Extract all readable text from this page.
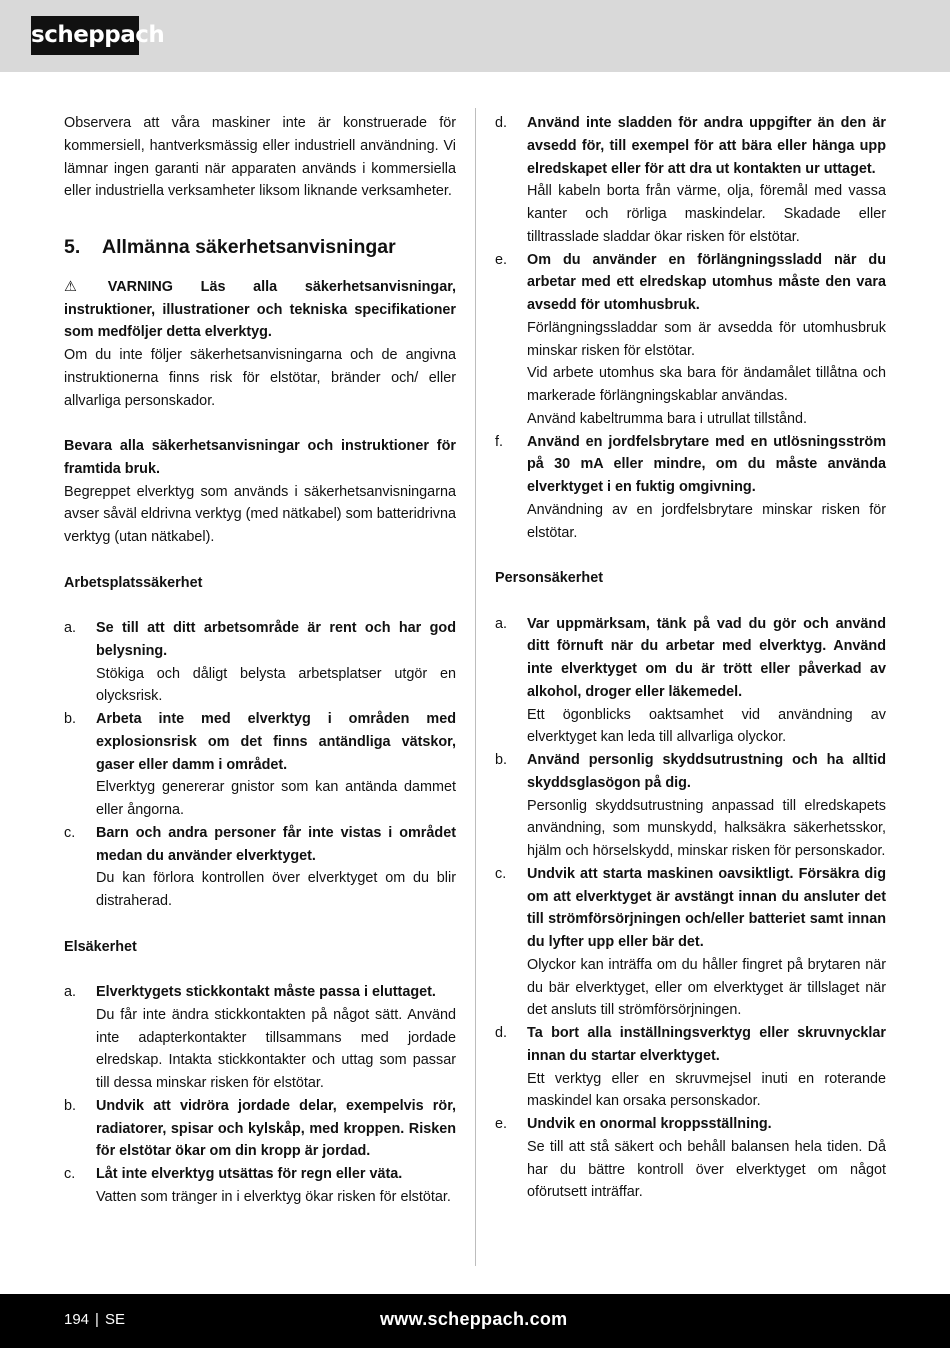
scheppach

Observera att våra maskiner inte är konstruerade för kommersiell, hantverksmässig eller industriell användning. Vi lämnar ingen garanti när apparaten används i kommersiella eller industriella verksamheter liksom liknande verksamheter.

5. Allmänna säkerhetsanvisningar

⚠ VARNING Läs alla säkerhetsanvisningar, instruktioner, illustrationer och tekniska specifikationer som medföljer detta elverktyg.

Om du inte följer säkerhetsanvisningarna och de angivna instruktionerna finns risk för elstötar, bränder och/ eller allvarliga personskador.

Bevara alla säkerhetsanvisningar och instruktioner för framtida bruk.

Begreppet elverktyg som används i säkerhetsanvisningarna avser såväl eldrivna verktyg (med nätkabel) som batteridrivna verktyg (utan nätkabel).

Arbetsplatssäkerhet

a. Se till att ditt arbetsområde är rent och har god belysning.
Stökiga och dåligt belysta arbetsplatser utgör en olycksrisk.
b. Arbeta inte med elverktyg i områden med explosionsrisk om det finns antändliga vätskor, gaser eller damm i området.
Elverktyg genererar gnistor som kan antända dammet eller ångorna.
c. Barn och andra personer får inte vistas i området medan du använder elverktyget.
Du kan förlora kontrollen över elverktyget om du blir distraherad.

Elsäkerhet

a. Elverktygets stickkontakt måste passa i eluttaget.
Du får inte ändra stickkontakten på något sätt. Använd inte adapterkontakter tillsammans med jordade elredskap. Intakta stickkontakter och uttag som passar till dessa minskar risken för elstötar.
b. Undvik att vidröra jordade delar, exempelvis rör, radiatorer, spisar och kylskåp, med kroppen. Risken för elstötar ökar om din kropp är jordad.
c. Låt inte elverktyg utsättas för regn eller väta.
Vatten som tränger in i elverktyg ökar risken för elstötar.
d. Använd inte sladden för andra uppgifter än den är avsedd för, till exempel för att bära eller hänga upp elredskapet eller för att dra ut kontakten ur uttaget.
Håll kabeln borta från värme, olja, föremål med vassa kanter och rörliga maskindelar. Skadade eller tilltrasslade sladdar ökar risken för elstötar.
e. Om du använder en förlängningssladd när du arbetar med ett elredskap utomhus måste den vara avsedd för utomhusbruk.
Förlängningssladdar som är avsedda för utomhusbruk minskar risken för elstötar.
Vid arbete utomhus ska bara för ändamålet tillåtna och markerade förlängningskablar användas.
Använd kabeltrumma bara i utrullat tillstånd.
f. Använd en jordfelsbrytare med en utlösningsström på 30 mA eller mindre, om du måste använda elverktyget i en fuktig omgivning.
Användning av en jordfelsbrytare minskar risken för elstötar.

Personsäkerhet

a. Var uppmärksam, tänk på vad du gör och använd ditt förnuft när du arbetar med elverktyg. Använd inte elverktyget om du är trött eller påverkad av alkohol, droger eller läkemedel.
Ett ögonblicks oaktsamhet vid användning av elverktyget kan leda till allvarliga olyckor.
b. Använd personlig skyddsutrustning och ha alltid skyddsglasögon på dig.
Personlig skyddsutrustning anpassad till elredskapets användning, som munskydd, halksäkra säkerhetsskor, hjälm och hörselskydd, minskar risken för personskador.
c. Undvik att starta maskinen oavsiktligt. Försäkra dig om att elverktyget är avstängt innan du ansluter det till strömförsörjningen och/eller batteriet samt innan du lyfter upp eller bär det.
Olyckor kan inträffa om du håller fingret på brytaren när du bär elverktyget, eller om elverktyget är tillslaget när det ansluts till strömförsörjningen.
d. Ta bort alla inställningsverktyg eller skruvnycklar innan du startar elverktyget.
Ett verktyg eller en skruvmejsel inuti en roterande maskindel kan orsaka personskador.
e. Undvik en onormal kroppsställning.
Se till att stå säkert och behåll balansen hela tiden. Då har du bättre kontroll över elverktyget om något oförutsett inträffar.
194 | SE	www.scheppach.com
